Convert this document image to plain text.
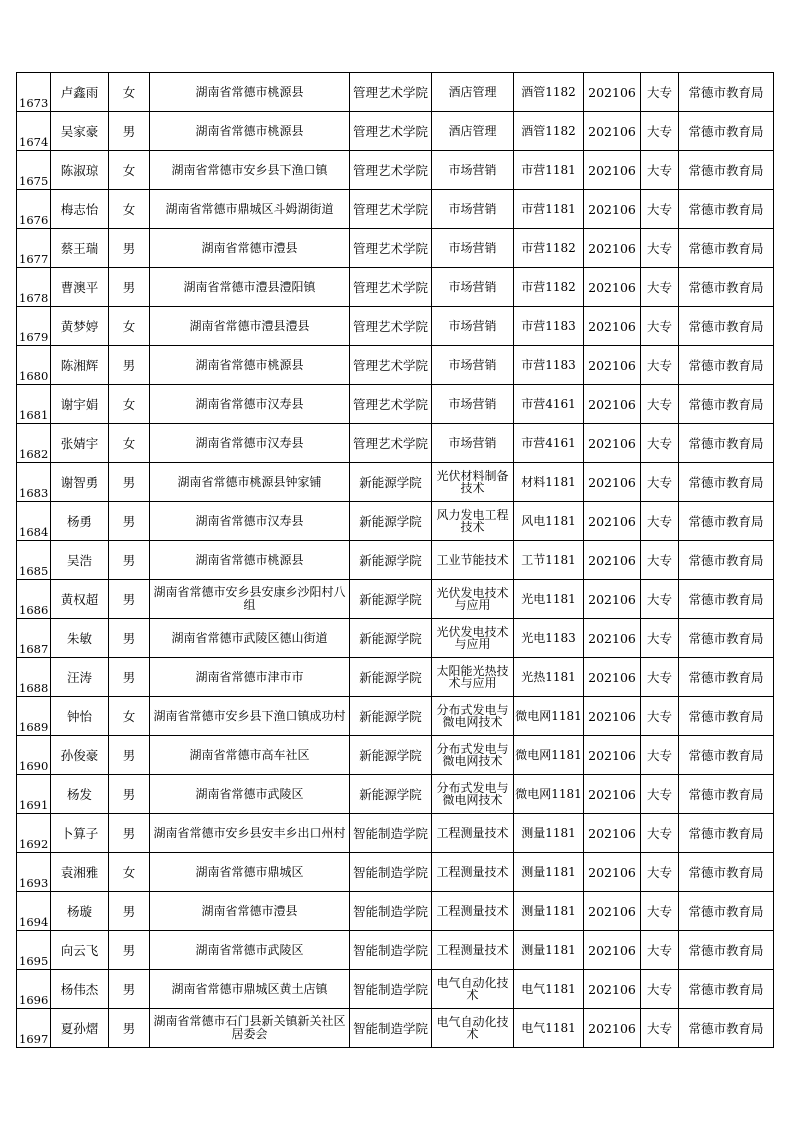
1673	卢鑫雨	女	湖南省常德市桃源县	管理艺术学院	酒店管理	酒管1182	202106	大专	常德市教育局
1674	吴家豪	男	湖南省常德市桃源县	管理艺术学院	酒店管理	酒管1182	202106	大专	常德市教育局
1675	陈淑琼	女	湖南省常德市安乡县下渔口镇	管理艺术学院	市场营销	市营1181	202106	大专	常德市教育局
1676	梅志怡	女	湖南省常德市鼎城区斗姆湖街道	管理艺术学院	市场营销	市营1181	202106	大专	常德市教育局
1677	蔡王瑞	男	湖南省常德市澧县	管理艺术学院	市场营销	市营1182	202106	大专	常德市教育局
1678	曹澳平	男	湖南省常德市澧县澧阳镇	管理艺术学院	市场营销	市营1182	202106	大专	常德市教育局
1679	黄梦婷	女	湖南省常德市澧县澧县	管理艺术学院	市场营销	市营1183	202106	大专	常德市教育局
1680	陈湘辉	男	湖南省常德市桃源县	管理艺术学院	市场营销	市营1183	202106	大专	常德市教育局
1681	谢宇娟	女	湖南省常德市汉寿县	管理艺术学院	市场营销	市营4161	202106	大专	常德市教育局
1682	张婧宇	女	湖南省常德市汉寿县	管理艺术学院	市场营销	市营4161	202106	大专	常德市教育局
1683	谢智勇	男	湖南省常德市桃源县钟家铺	新能源学院	光伏材料制备技术	材料1181	202106	大专	常德市教育局
1684	杨勇	男	湖南省常德市汉寿县	新能源学院	风力发电工程技术	风电1181	202106	大专	常德市教育局
1685	吴浩	男	湖南省常德市桃源县	新能源学院	工业节能技术	工节1181	202106	大专	常德市教育局
1686	黄权超	男	湖南省常德市安乡县安康乡沙阳村八组	新能源学院	光伏发电技术与应用	光电1181	202106	大专	常德市教育局
1687	朱敏	男	湖南省常德市武陵区德山街道	新能源学院	光伏发电技术与应用	光电1183	202106	大专	常德市教育局
1688	汪涛	男	湖南省常德市津市市	新能源学院	太阳能光热技术与应用	光热1181	202106	大专	常德市教育局
1689	钟怡	女	湖南省常德市安乡县下渔口镇成功村	新能源学院	分布式发电与微电网技术	微电网1181	202106	大专	常德市教育局
1690	孙俊豪	男	湖南省常德市高车社区	新能源学院	分布式发电与微电网技术	微电网1181	202106	大专	常德市教育局
1691	杨发	男	湖南省常德市武陵区	新能源学院	分布式发电与微电网技术	微电网1181	202106	大专	常德市教育局
1692	卜算子	男	湖南省常德市安乡县安丰乡出口州村	智能制造学院	工程测量技术	测量1181	202106	大专	常德市教育局
1693	袁湘雅	女	湖南省常德市鼎城区	智能制造学院	工程测量技术	测量1181	202106	大专	常德市教育局
1694	杨璇	男	湖南省常德市澧县	智能制造学院	工程测量技术	测量1181	202106	大专	常德市教育局
1695	向云飞	男	湖南省常德市武陵区	智能制造学院	工程测量技术	测量1181	202106	大专	常德市教育局
1696	杨伟杰	男	湖南省常德市鼎城区黄土店镇	智能制造学院	电气自动化技术	电气1181	202106	大专	常德市教育局
1697	夏孙熠	男	湖南省常德市石门县新关镇新关社区居委会	智能制造学院	电气自动化技术	电气1181	202106	大专	常德市教育局
